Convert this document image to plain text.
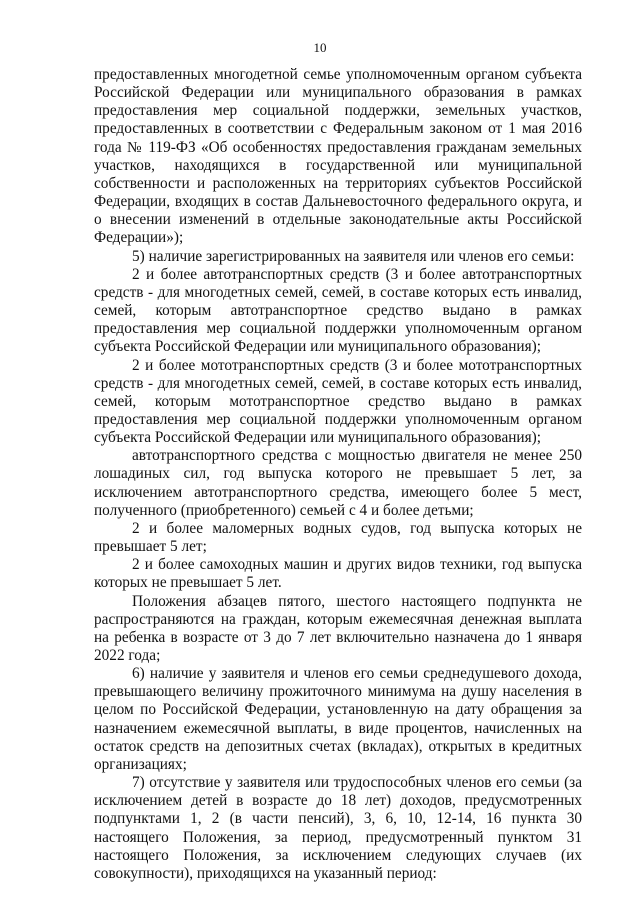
10

предоставленных многодетной семье уполномоченным органом субъекта Российской Федерации или муниципального образования в рамках предоставления мер социальной поддержки, земельных участков, предоставленных в соответствии с Федеральным законом от 1 мая 2016 года № 119-ФЗ «Об особенностях предоставления гражданам земельных участков, находящихся в государственной или муниципальной собственности и расположенных на территориях субъектов Российской Федерации, входящих в состав Дальневосточного федерального округа, и о внесении изменений в отдельные законодательные акты Российской Федерации»);

5) наличие зарегистрированных на заявителя или членов его семьи:

2 и более автотранспортных средств (3 и более автотранспортных средств - для многодетных семей, семей, в составе которых есть инвалид, семей, которым автотранспортное средство выдано в рамках предоставления мер социальной поддержки уполномоченным органом субъекта Российской Федерации или муниципального образования);

2 и более мототранспортных средств (3 и более мототранспортных средств - для многодетных семей, семей, в составе которых есть инвалид, семей, которым мототранспортное средство выдано в рамках предоставления мер социальной поддержки уполномоченным органом субъекта Российской Федерации или муниципального образования);

автотранспортного средства с мощностью двигателя не менее 250 лошадиных сил, год выпуска которого не превышает 5 лет, за исключением автотранспортного средства, имеющего более 5 мест, полученного (приобретенного) семьей с 4 и более детьми;

2 и более маломерных водных судов, год выпуска которых не превышает 5 лет;

2 и более самоходных машин и других видов техники, год выпуска которых не превышает 5 лет.

Положения абзацев пятого, шестого настоящего подпункта не распространяются на граждан, которым ежемесячная денежная выплата на ребенка в возрасте от 3 до 7 лет включительно назначена до 1 января 2022 года;

6) наличие у заявителя и членов его семьи среднедушевого дохода, превышающего величину прожиточного минимума на душу населения в целом по Российской Федерации, установленную на дату обращения за назначением ежемесячной выплаты, в виде процентов, начисленных на остаток средств на депозитных счетах (вкладах), открытых в кредитных организациях;

7) отсутствие у заявителя или трудоспособных членов его семьи (за исключением детей в возрасте до 18 лет) доходов, предусмотренных подпунктами 1, 2 (в части пенсий), 3, 6, 10, 12-14, 16 пункта 30 настоящего Положения, за период, предусмотренный пунктом 31 настоящего Положения, за исключением следующих случаев (их совокупности), приходящихся на указанный период:
